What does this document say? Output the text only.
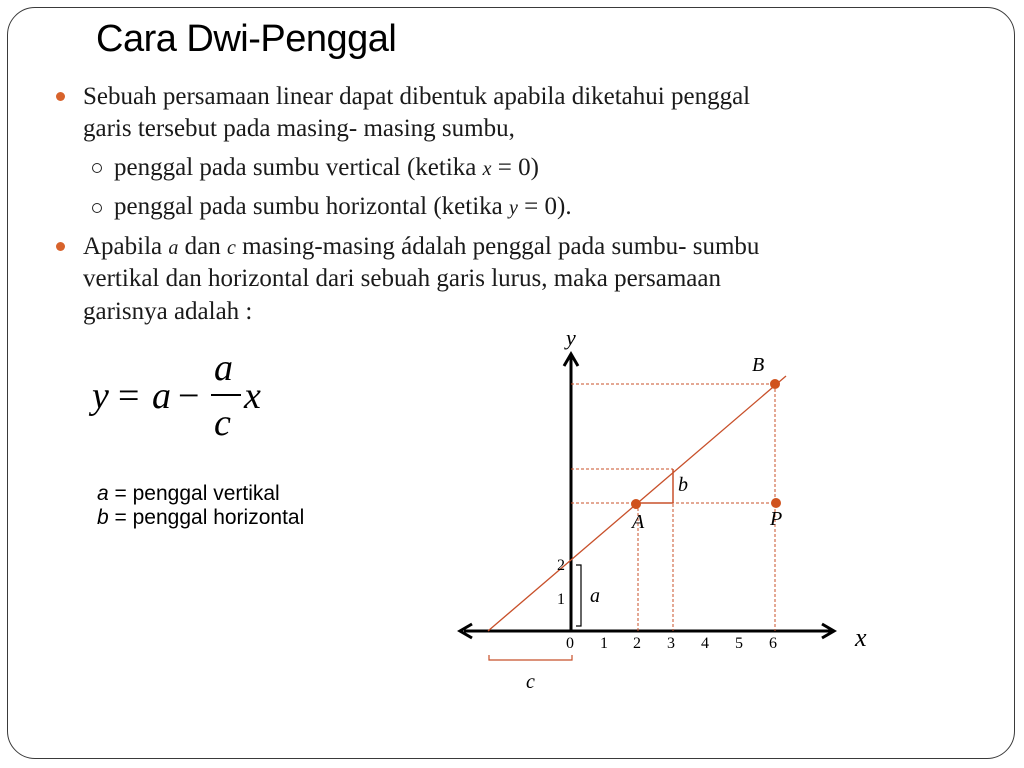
Cara Dwi-Penggal
Sebuah persamaan linear dapat dibentuk apabila diketahui penggal
garis tersebut pada masing- masing sumbu,
penggal pada sumbu vertical (ketika x = 0)
penggal pada sumbu horizontal (ketika y = 0).
Apabila a dan c masing-masing ádalah penggal pada sumbu- sumbu
vertikal dan horizontal dari sebuah garis lurus, maka persamaan
garisnya adalah :
y = a −
a
c
x
a = penggal vertikal
b = penggal horizontal
y
x
B
A	P
b
a
c
1
2
0 1 2 3 4 5 6
